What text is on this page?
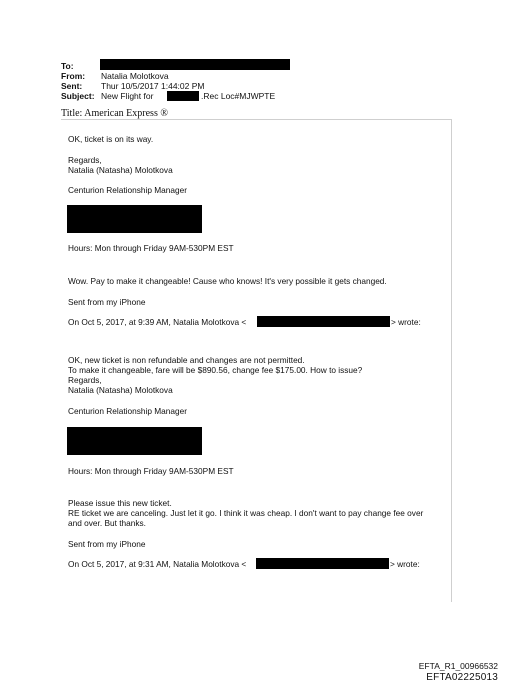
To:
From: Natalia Molotkova
Sent: Thur 10/5/2017 1:44:02 PM
Subject: New Flight for	.Rec Loc#MJWPTE
Title: American Express ®
OK, ticket is on its way.
Regards,
Natalia (Natasha) Molotkova
Centurion Relationship Manager
Hours: Mon through Friday 9AM-530PM EST
Wow. Pay to make it changeable! Cause who knows! It's very possible it gets changed.
Sent from my iPhone
On Oct 5, 2017, at 9:39 AM, Natalia Molotkova <	> wrote:
OK, new ticket is non refundable and changes are not permitted.
To make it changeable, fare will be $890.56, change fee $175.00. How to issue?
Regards,
Natalia (Natasha) Molotkova
Centurion Relationship Manager
Hours: Mon through Friday 9AM-530PM EST
Please issue this new ticket.
RE ticket we are canceling. Just let it go. I think it was cheap. I don't want to pay change fee over
and over. But thanks.
Sent from my iPhone
On Oct 5, 2017, at 9:31 AM, Natalia Molotkova <	> wrote:
EFTA_R1_00966532
EFTA02225013
